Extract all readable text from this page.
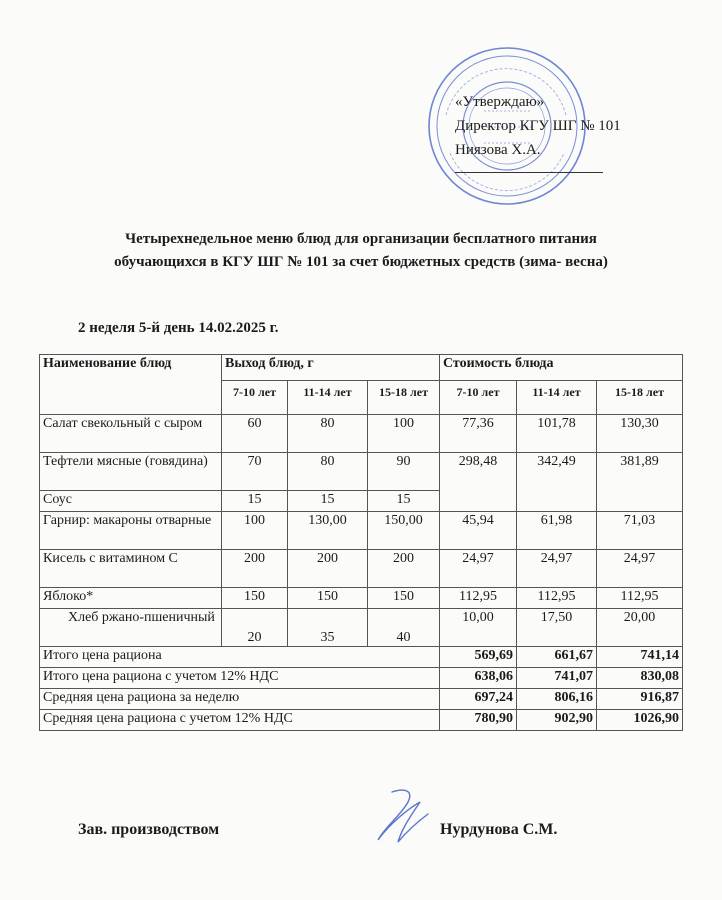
«Утверждаю»
Директор КГУ ШГ № 101
Ниязова Х.А.
Четырехнедельное меню блюд для организации бесплатного питания
обучающихся в КГУ ШГ № 101 за счет бюджетных средств (зима- весна)
2 неделя 5-й день 14.02.2025 г.
Наименование блюд	Выход блюд, г			Стоимость блюда		
	7-10 лет	11-14 лет	15-18 лет	7-10 лет	11-14 лет	15-18 лет
Салат свекольный с сыром	60	80	100	77,36	101,78	130,30
Тефтели мясные (говядина)	70	80	90	298,48	342,49	381,89
Соус	15	15	15			
Гарнир: макароны отварные	100	130,00	150,00	45,94	61,98	71,03
Кисель с витамином С	200	200	200	24,97	24,97	24,97
Яблоко*	150	150	150	112,95	112,95	112,95
Хлеб ржано-пшеничный	20	35	40	10,00	17,50	20,00
Итого цена рациона				569,69	661,67	741,14
Итого цена рациона с учетом 12% НДС				638,06	741,07	830,08
Средняя цена рациона за неделю				697,24	806,16	916,87
Средняя цена рациона с учетом 12% НДС				780,90	902,90	1026,90
Зав. производством	Нурдунова С.М.
